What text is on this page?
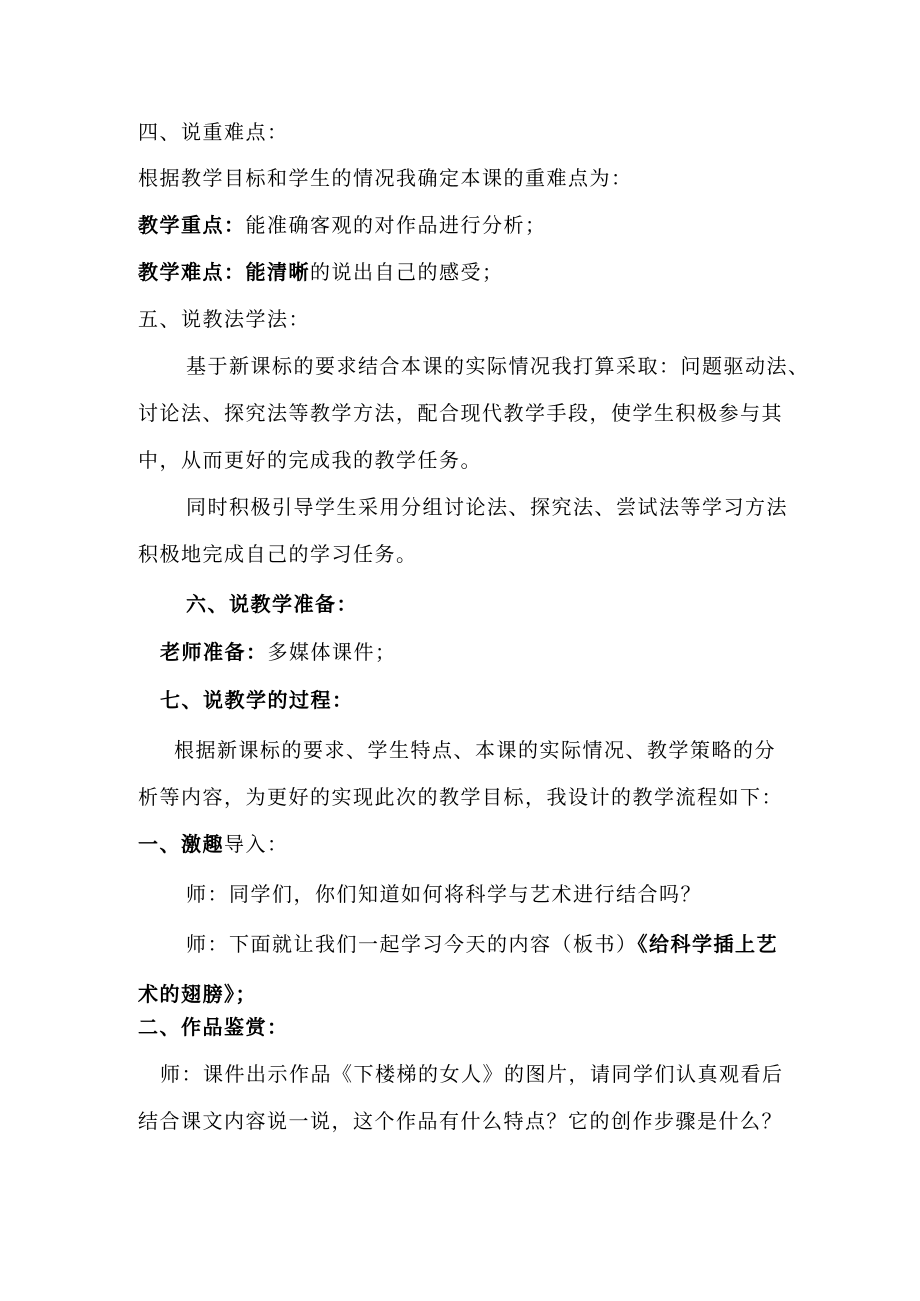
四、说重难点：
根据教学目标和学生的情况我确定本课的重难点为：
教学重点：能准确客观的对作品进行分析；
教学难点：能清晰的说出自己的感受；
五、说教法学法：
基于新课标的要求结合本课的实际情况我打算采取：问题驱动法、
讨论法、探究法等教学方法，配合现代教学手段，使学生积极参与其
中，从而更好的完成我的教学任务。
同时积极引导学生采用分组讨论法、探究法、尝试法等学习方法
积极地完成自己的学习任务。
六、说教学准备：
老师准备：多媒体课件；
七、说教学的过程：
根据新课标的要求、学生特点、本课的实际情况、教学策略的分
析等内容，为更好的实现此次的教学目标，我设计的教学流程如下：
一、激趣导入：
师：同学们，你们知道如何将科学与艺术进行结合吗？
师：下面就让我们一起学习今天的内容（板书）《给科学插上艺
术的翅膀》；
二、作品鉴赏：
师：课件出示作品《下楼梯的女人》的图片，请同学们认真观看后
结合课文内容说一说，这个作品有什么特点？它的创作步骤是什么？
